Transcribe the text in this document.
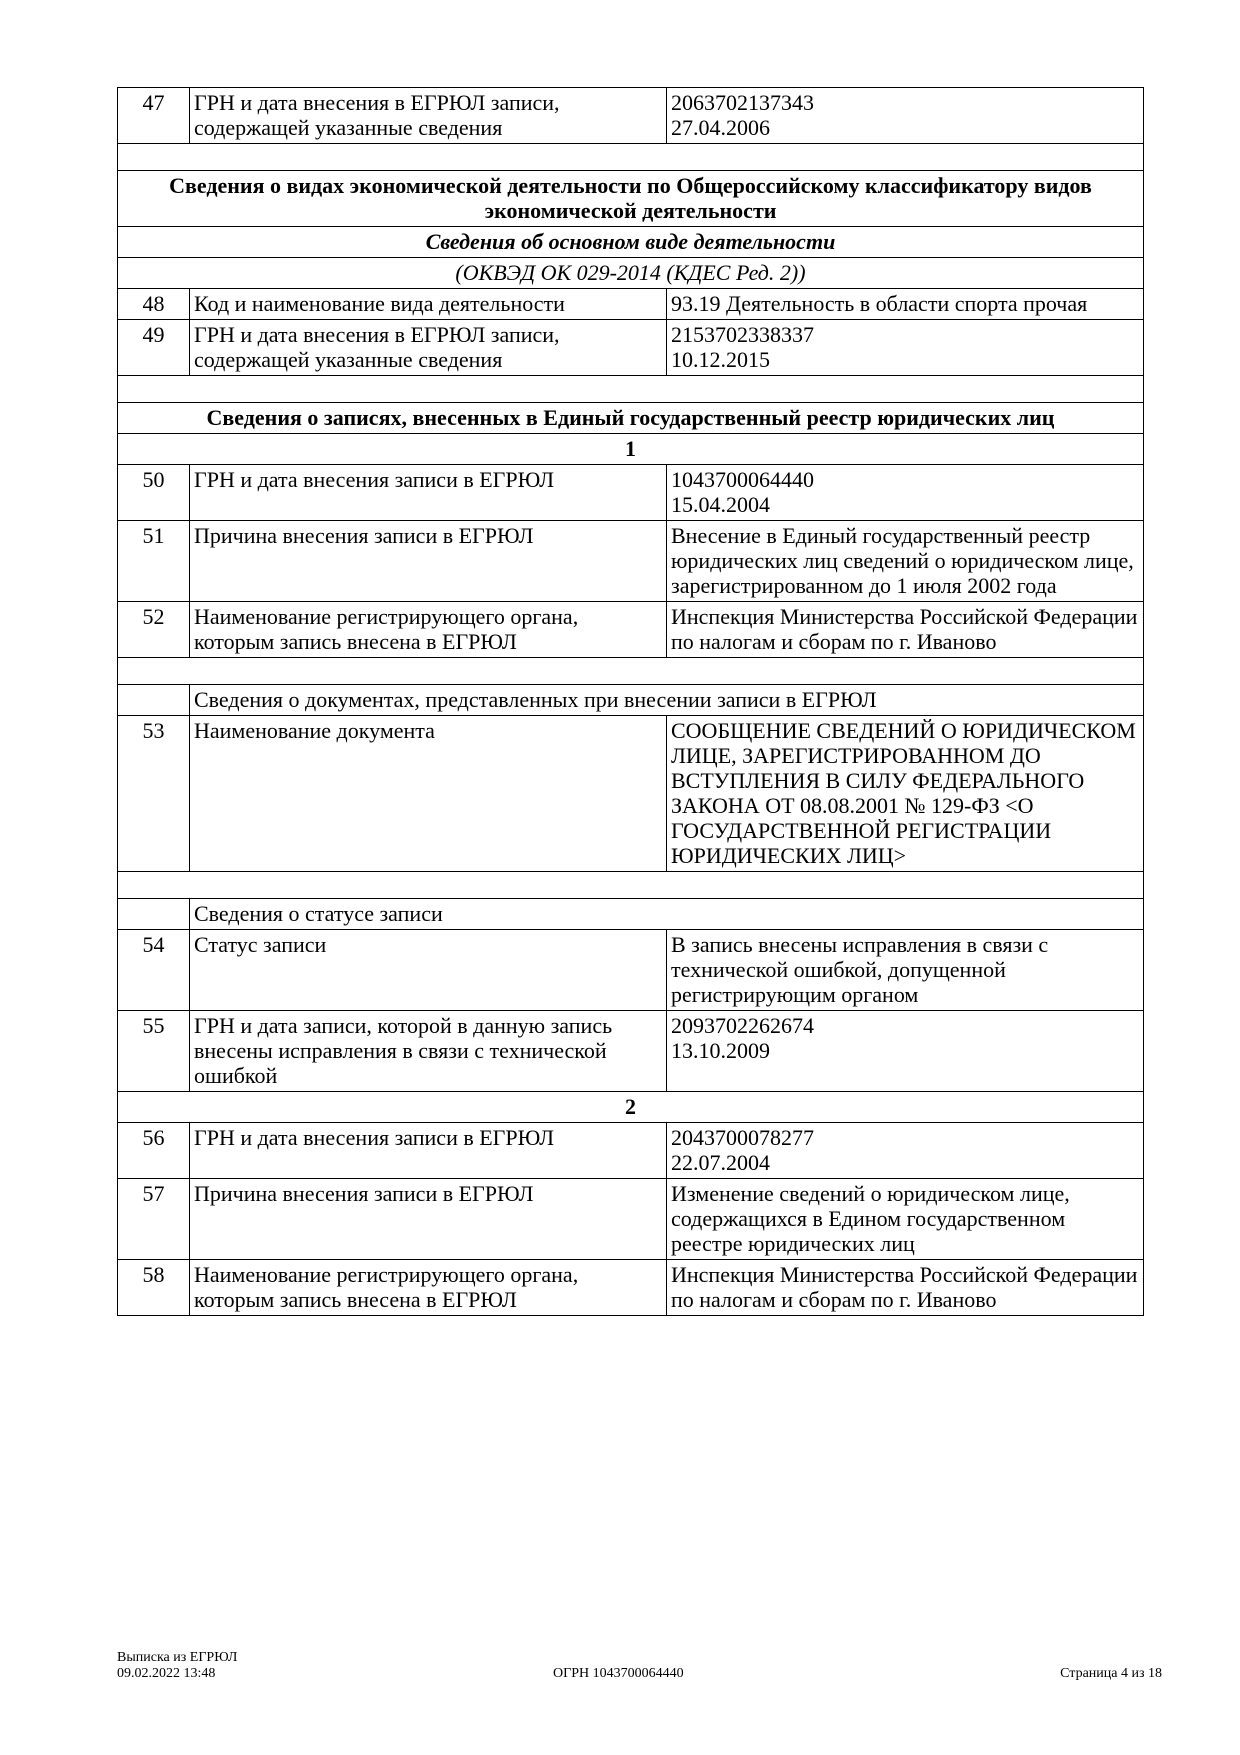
47	ГРН и дата внесения в ЕГРЮЛ записи, содержащей указанные сведения	2063702137343
27.04.2006

Сведения о видах экономической деятельности по Общероссийскому классификатору видов экономической деятельности		
Сведения об основном виде деятельности		
(ОКВЭД ОК 029-2014 (КДЕС Ред. 2))		
48	Код и наименование вида деятельности	93.19 Деятельность в области спорта прочая

49	ГРН и дата внесения в ЕГРЮЛ записи, содержащей указанные сведения	2153702338337
10.12.2015

Сведения о записях, внесенных в Единый государственный реестр юридических лиц		
1		
50	ГРН и дата внесения записи в ЕГРЮЛ	1043700064440
15.04.2004

51	Причина внесения записи в ЕГРЮЛ	Внесение в Единый государственный реестр юридических лиц сведений о юридическом лице, зарегистрированном до 1 июля 2002 года

52	Наименование регистрирующего органа, которым запись внесена в ЕГРЮЛ	Инспекция Министерства Российской Федерации по налогам и сборам по г. Иваново

	Сведения о документах, представленных при внесении записи в ЕГРЮЛ	
53	Наименование документа	СООБЩЕНИЕ СВЕДЕНИЙ О ЮРИДИЧЕСКОМ ЛИЦЕ, ЗАРЕГИСТРИРОВАННОМ ДО ВСТУПЛЕНИЯ В СИЛУ ФЕДЕРАЛЬНОГО ЗАКОНА ОТ 08.08.2001 № 129-ФЗ <О ГОСУДАРСТВЕННОЙ РЕГИСТРАЦИИ ЮРИДИЧЕСКИХ ЛИЦ>

	Сведения о статусе записи	
54	Статус записи	В запись внесены исправления в связи с технической ошибкой, допущенной регистрирующим органом

55	ГРН и дата записи, которой в данную запись внесены исправления в связи с технической ошибкой	2093702262674
13.10.2009

2		
56	ГРН и дата внесения записи в ЕГРЮЛ	2043700078277
22.07.2004

57	Причина внесения записи в ЕГРЮЛ	Изменение сведений о юридическом лице, содержащихся в Едином государственном реестре юридических лиц

58	Наименование регистрирующего органа, которым запись внесена в ЕГРЮЛ	Инспекция Министерства Российской Федерации по налогам и сборам по г. Иваново
Выписка из ЕГРЮЛ
09.02.2022 13:48	ОГРН 1043700064440	Страница 4 из 18
